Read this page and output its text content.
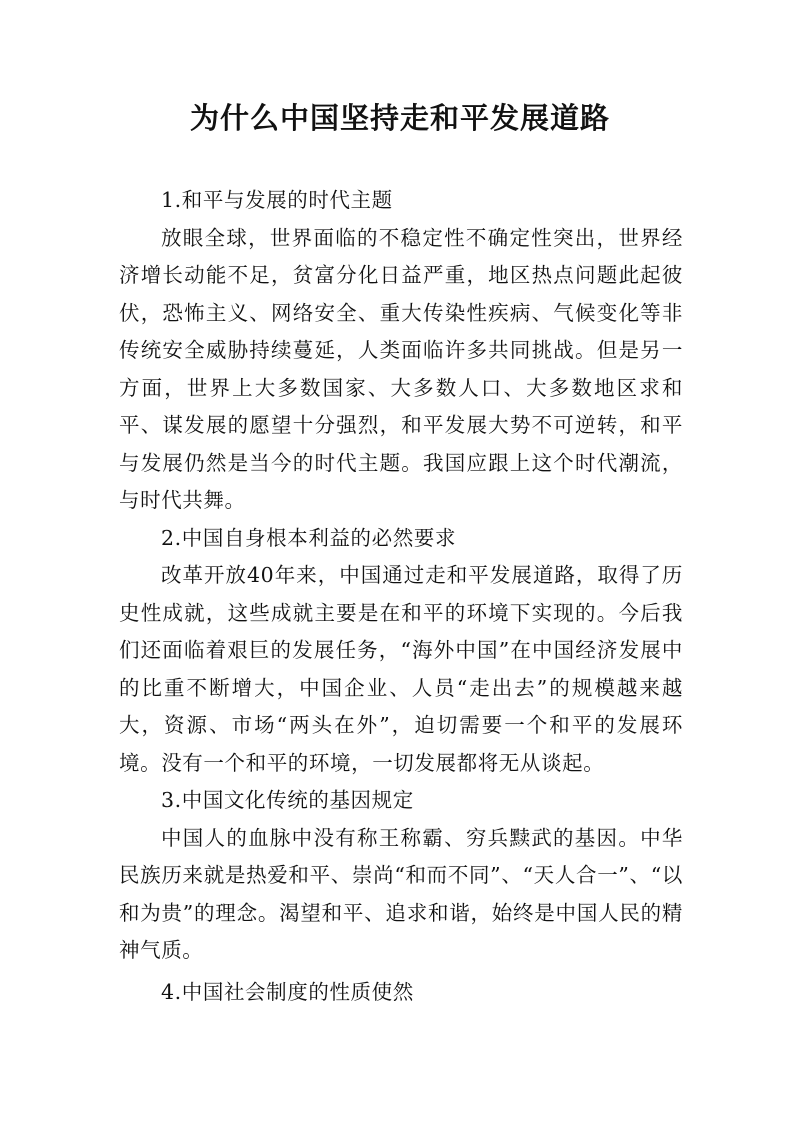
为什么中国坚持走和平发展道路

1.和平与发展的时代主题

放眼全球，世界面临的不稳定性不确定性突出，世界经济增长动能不足，贫富分化日益严重，地区热点问题此起彼伏，恐怖主义、网络安全、重大传染性疾病、气候变化等非传统安全威胁持续蔓延，人类面临许多共同挑战。但是另一方面，世界上大多数国家、大多数人口、大多数地区求和平、谋发展的愿望十分强烈，和平发展大势不可逆转，和平与发展仍然是当今的时代主题。我国应跟上这个时代潮流，与时代共舞。

2.中国自身根本利益的必然要求

改革开放40年来，中国通过走和平发展道路，取得了历史性成就，这些成就主要是在和平的环境下实现的。今后我们还面临着艰巨的发展任务，“海外中国”在中国经济发展中的比重不断增大，中国企业、人员“走出去”的规模越来越大，资源、市场“两头在外”，迫切需要一个和平的发展环境。没有一个和平的环境，一切发展都将无从谈起。

3.中国文化传统的基因规定

中国人的血脉中没有称王称霸、穷兵黩武的基因。中华民族历来就是热爱和平、崇尚“和而不同”、“天人合一”、“以和为贵”的理念。渴望和平、追求和谐，始终是中国人民的精神气质。

4.中国社会制度的性质使然
